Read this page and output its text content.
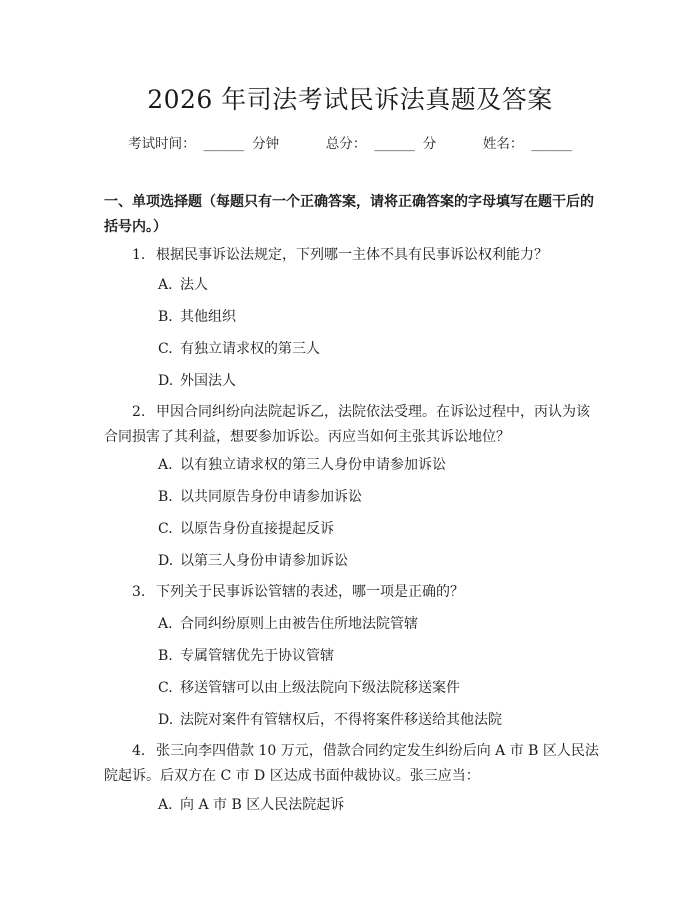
2026 年司法考试民诉法真题及答案
考试时间： ______ 分钟	总分： ______ 分	姓名： ______
一、单项选择题（每题只有一个正确答案，请将正确答案的字母填写在题干后的括号内。）
1. 根据民事诉讼法规定，下列哪一主体不具有民事诉讼权利能力？
A. 法人
B. 其他组织
C. 有独立请求权的第三人
D. 外国法人
2. 甲因合同纠纷向法院起诉乙，法院依法受理。在诉讼过程中，丙认为该合同损害了其利益，想要参加诉讼。丙应当如何主张其诉讼地位？
A. 以有独立请求权的第三人身份申请参加诉讼
B. 以共同原告身份申请参加诉讼
C. 以原告身份直接提起反诉
D. 以第三人身份申请参加诉讼
3. 下列关于民事诉讼管辖的表述，哪一项是正确的？
A. 合同纠纷原则上由被告住所地法院管辖
B. 专属管辖优先于协议管辖
C. 移送管辖可以由上级法院向下级法院移送案件
D. 法院对案件有管辖权后，不得将案件移送给其他法院
4. 张三向李四借款 10 万元，借款合同约定发生纠纷后向 A 市 B 区人民法院起诉。后双方在 C 市 D 区达成书面仲裁协议。张三应当：
A. 向 A 市 B 区人民法院起诉
